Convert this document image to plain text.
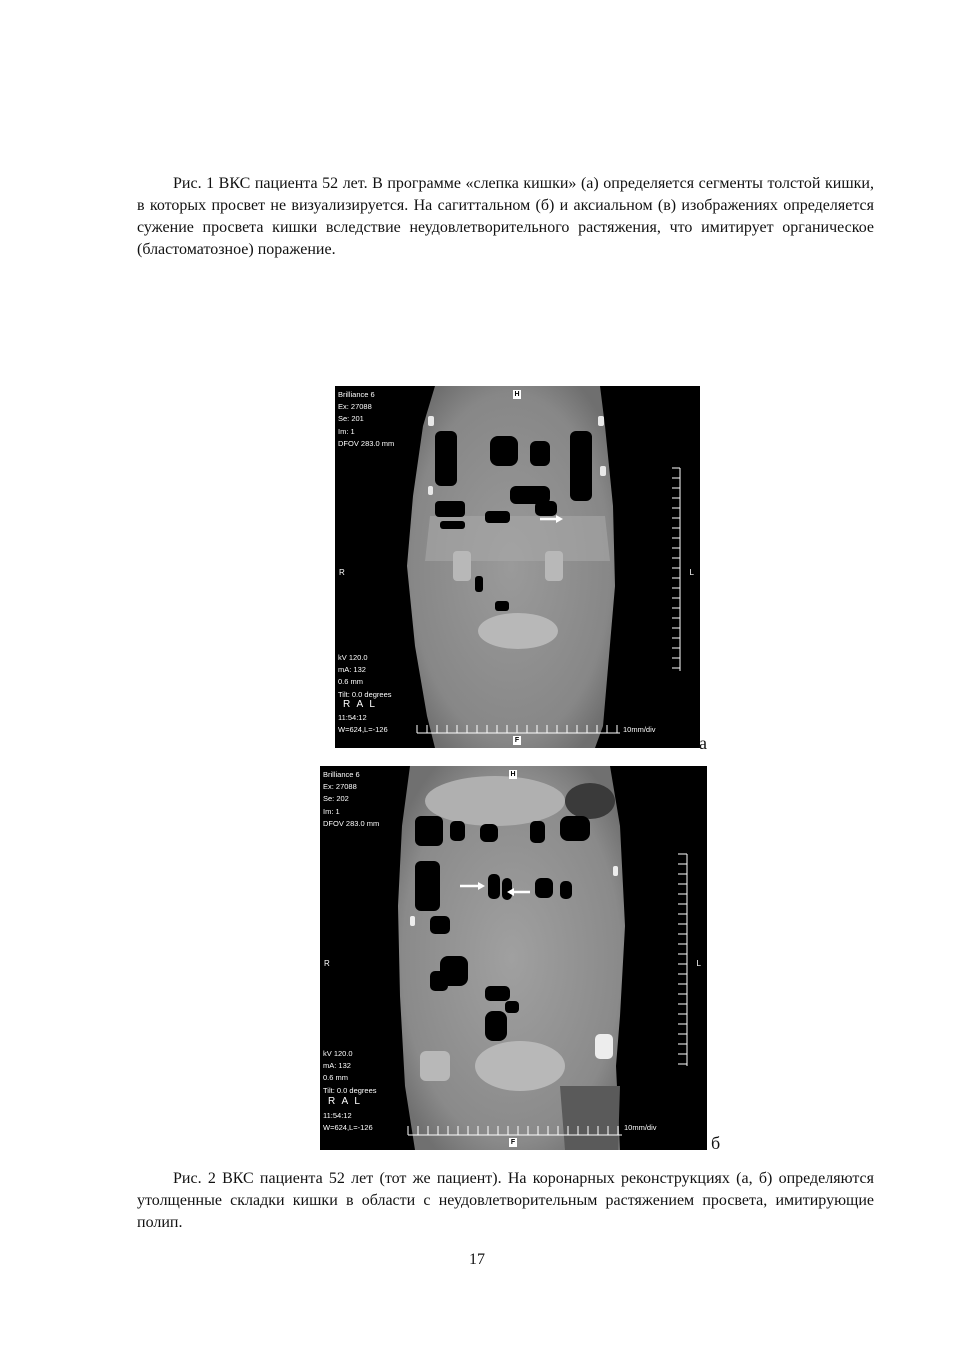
Рис. 1 ВКС пациента 52 лет. В программе «слепка кишки» (а) определяется сегменты толстой кишки, в которых просвет не визуализируется. На сагиттальном (б) и аксиальном (в) изображениях определяется сужение просвета кишки вследствие неудовлетворительного растяжения, что имитирует органическое (бластоматозное) поражение.
Brilliance 6
Ex: 27088
Se: 201
Im: 1
DFOV 283.0 mm
H
F
R	L
kV 120.0
mA: 132
0.6 mm
Tilt: 0.0 degrees
R A L
11:54:12
W=624,L=-126	10mm/div
а
Brilliance 6
Ex: 27088
Se: 202
Im: 1
DFOV 283.0 mm
H
F
R	L
kV 120.0
mA: 132
0.6 mm
Tilt: 0.0 degrees
R A L
11:54:12
W=624,L=-126	10mm/div
б
Рис. 2 ВКС пациента 52 лет (тот же пациент). На коронарных реконструкциях (а, б) определяются утолщенные складки кишки в области с неудовлетворительным растяжением просвета, имитирующие полип.
17
